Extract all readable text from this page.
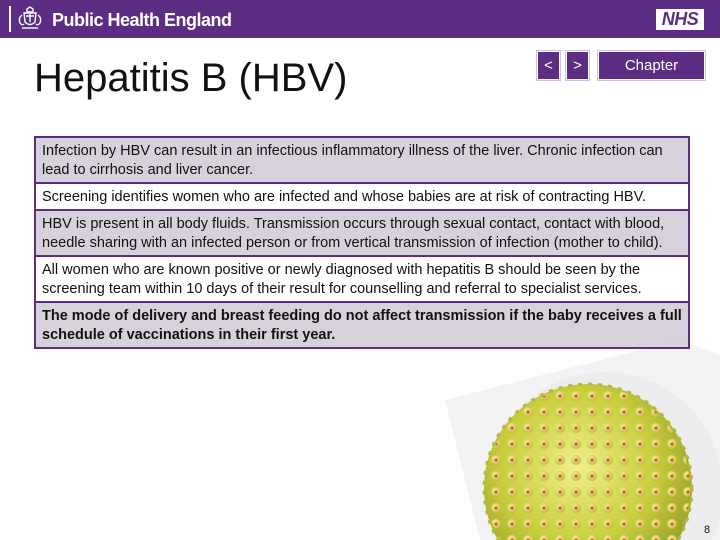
Public Health England	NHS
Hepatitis B (HBV)	<	>	Chapter
Infection by HBV can result in an infectious inflammatory illness of the liver. Chronic infection can lead to cirrhosis and liver cancer.
Screening identifies women who are infected and whose babies are at risk of contracting HBV.
HBV is present in all body fluids. Transmission occurs through sexual contact, contact with blood, needle sharing with an infected person or from vertical transmission of infection (mother to child).
All women who are known positive or newly diagnosed with hepatitis B should be seen by the screening team within 10 days of their result for counselling and referral to specialist services.
The mode of delivery and breast feeding do not affect transmission if the baby receives a full schedule of vaccinations in their first year.
8
